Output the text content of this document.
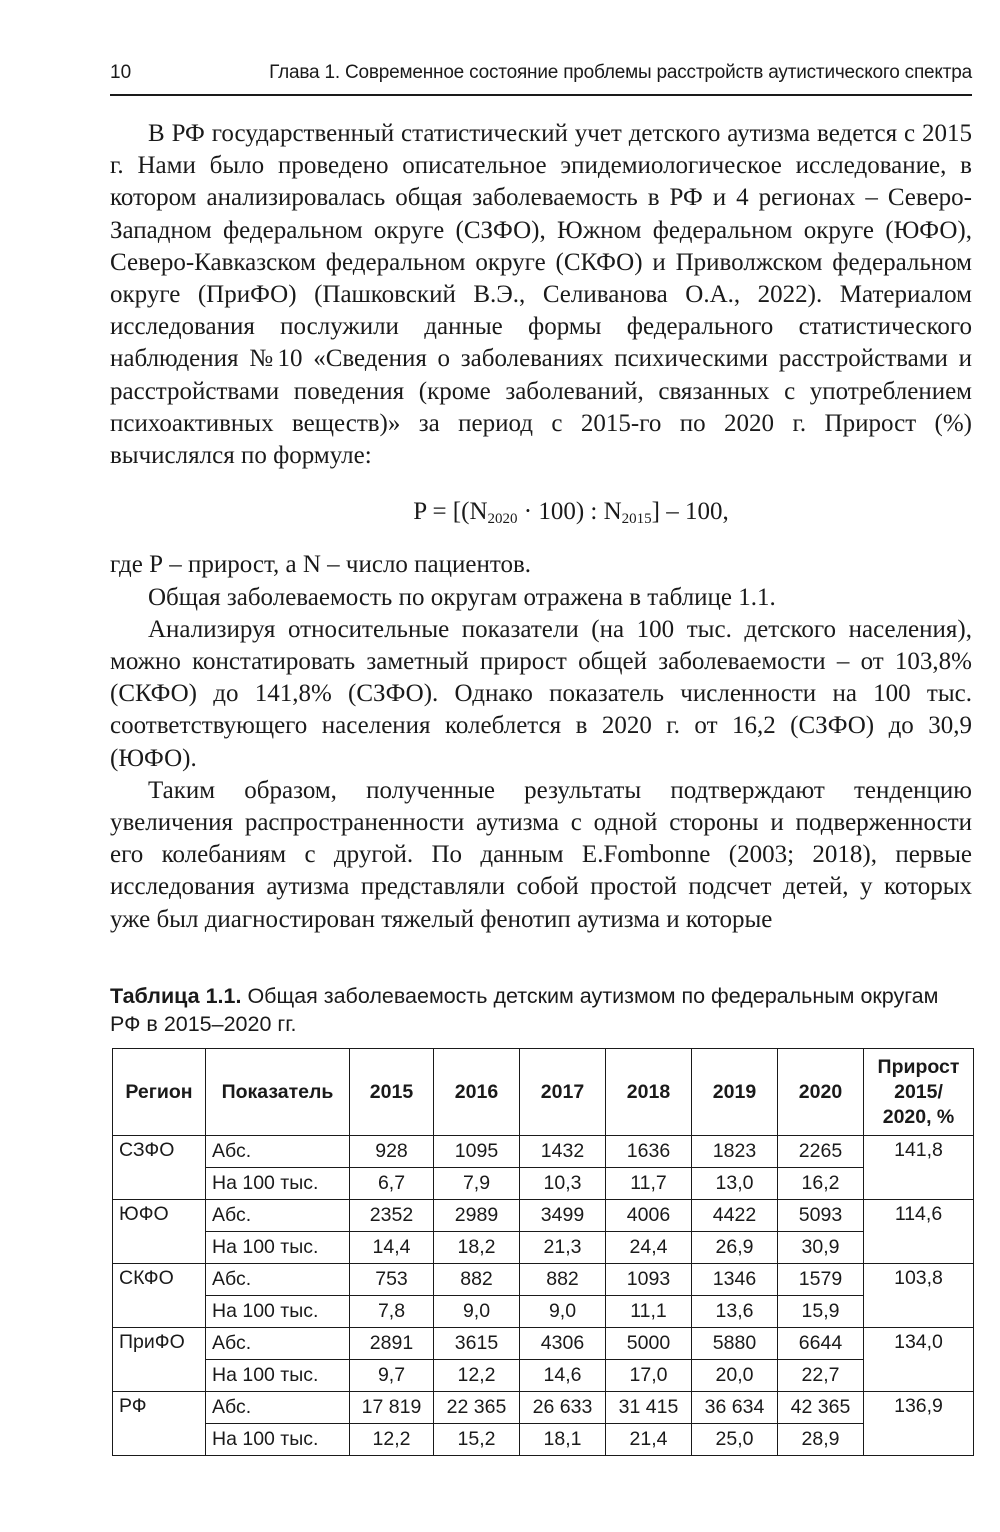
10	Глава 1. Современное состояние проблемы расстройств аутистического спектра

В РФ государственный статистический учет детского аутизма ведется с 2015 г. Нами было проведено описательное эпидемиологическое исследование, в котором анализировалась общая заболеваемость в РФ и 4 регионах – Северо-Западном федеральном округе (СЗФО), Южном федеральном округе (ЮФО), Северо-Кавказском федеральном округе (СКФО) и Приволжском федеральном округе (ПриФО) (Пашковский В.Э., Селиванова О.А., 2022). Материалом исследования послужили данные формы федерального статистического наблюдения №10 «Сведения о заболеваниях психическими расстройствами и расстройствами поведения (кроме заболеваний, связанных с употреблением психоактивных веществ)» за период с 2015-го по 2020 г. Прирост (%) вычислялся по формуле:

$P = [(N_{2020} \cdot 100)$ : $N_{2015}] - 100$,

где Р – прирост, а N – число пациентов.

Общая заболеваемость по округам отражена в таблице 1.1.

Анализируя относительные показатели (на 100 тыс. детского населения), можно констатировать заметный прирост общей заболеваемости – от 103,8% (СКФО) до 141,8% (СЗФО). Однако показатель численности на 100 тыс. соответствующего населения колеблется в 2020 г. от 16,2 (СЗФО) до 30,9 (ЮФО).

Таким образом, полученные результаты подтверждают тенденцию увеличения распространенности аутизма с одной стороны и подверженности его колебаниям с другой. По данным E.Fombonne (2003; 2018), первые исследования аутизма представляли собой простой подсчет детей, у которых уже был диагностирован тяжелый фенотип аутизма и которые

Таблица 1.1. Общая заболеваемость детским аутизмом по федеральным округам РФ в 2015–2020 гг.
Регион	Показатель	2015	2016	2017	2018	2019	2020	Прирост
2015/
2020, %

СЗФО	Абс.	928	1095	1432	1636	1823	2265	141,8
	На 100 тыс.	6,7	7,9	10,3	11,7	13,0	16,2	
ЮФО	Абс.	2352	2989	3499	4006	4422	5093	114,6
	На 100 тыс.	14,4	18,2	21,3	24,4	26,9	30,9	
СКФО	Абс.	753	882	882	1093	1346	1579	103,8
	На 100 тыс.	7,8	9,0	9,0	11,1	13,6	15,9	
ПриФО	Абс.	2891	3615	4306	5000	5880	6644	134,0
	На 100 тыс.	9,7	12,2	14,6	17,0	20,0	22,7	
РФ	Абс.	17 819	22 365	26 633	31 415	36 634	42 365	136,9
	На 100 тыс.	12,2	15,2	18,1	21,4	25,0	28,9	
